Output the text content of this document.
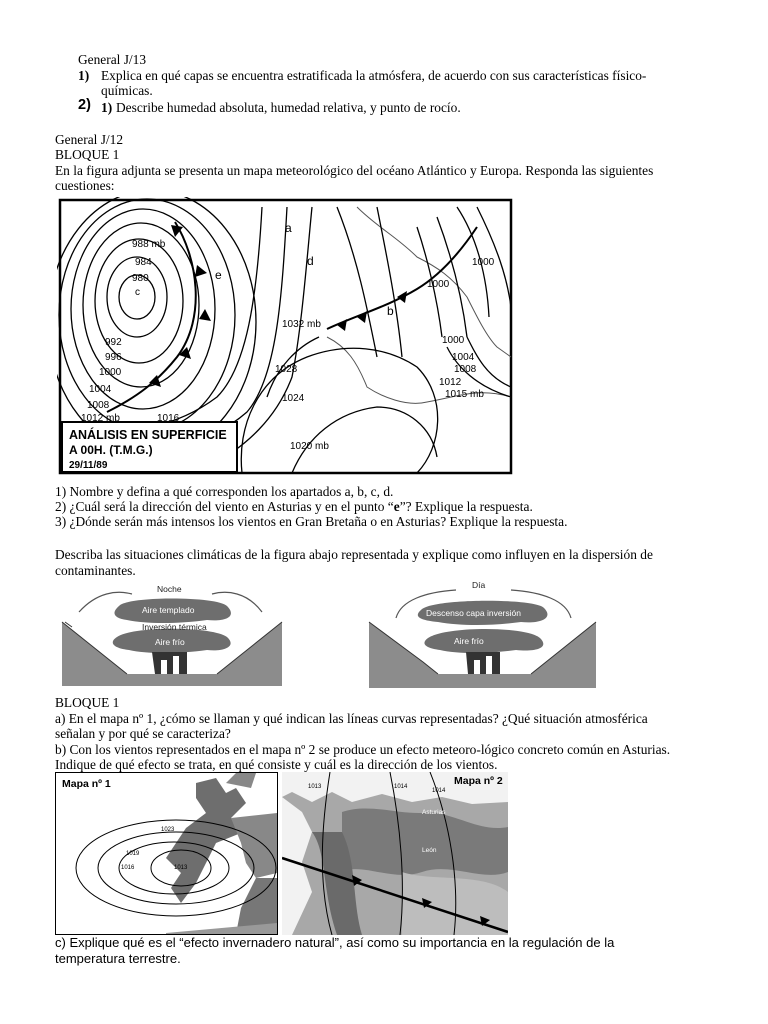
General J/13
1) Explica en qué capas se encuentra estratificada la atmósfera, de acuerdo con sus características físico-
químicas.
2) 1) Describe humedad absoluta, humedad relativa, y punto de rocío.
General J/12
BLOQUE 1
En la figura adjunta se presenta un mapa meteorológico del océano Atlántico y Europa. Responda las siguientes
cuestiones:
ANÁLISIS EN SUPERFICIE
A 00H. (T.M.G.)
29/11/89
988 mb
984
980
c
992
996
1000
1004
1008
1012 mb	1016
1020 mb
1024
1028
1032 mb
a
d
e
b
1000
1000
1000
1004
1008
1012
1015 mb
1) Nombre y defina a qué corresponden los apartados a, b, c, d.
2) ¿Cuál será la dirección del viento en Asturias y en el punto “e”? Explique la respuesta.
3) ¿Dónde serán más intensos los vientos en Gran Bretaña o en Asturias? Explique la respuesta.
Describa las situaciones climáticas de la figura abajo representada y explique como influyen en la dispersión de
contaminantes.
Noche
Aire templado
Inversión térmica
Aire frío
Día
Descenso capa inversión
Aire frío
BLOQUE 1
a) En el mapa nº 1, ¿cómo se llaman y qué indican las líneas curvas representadas? ¿Qué situación atmosférica
señalan y por qué se caracteriza?
b) Con los vientos representados en el mapa nº 2 se produce un efecto meteoro-lógico concreto común en Asturias.
Indique de qué efecto se trata, en qué consiste y cuál es la dirección de los vientos.
Mapa nº 1
1023
1019
1016	1013
1013	1014
1014
Mapa nº 2
Asturias
León
c) Explique qué es el “efecto invernadero natural”, así como su importancia en la regulación de la
temperatura terrestre.
